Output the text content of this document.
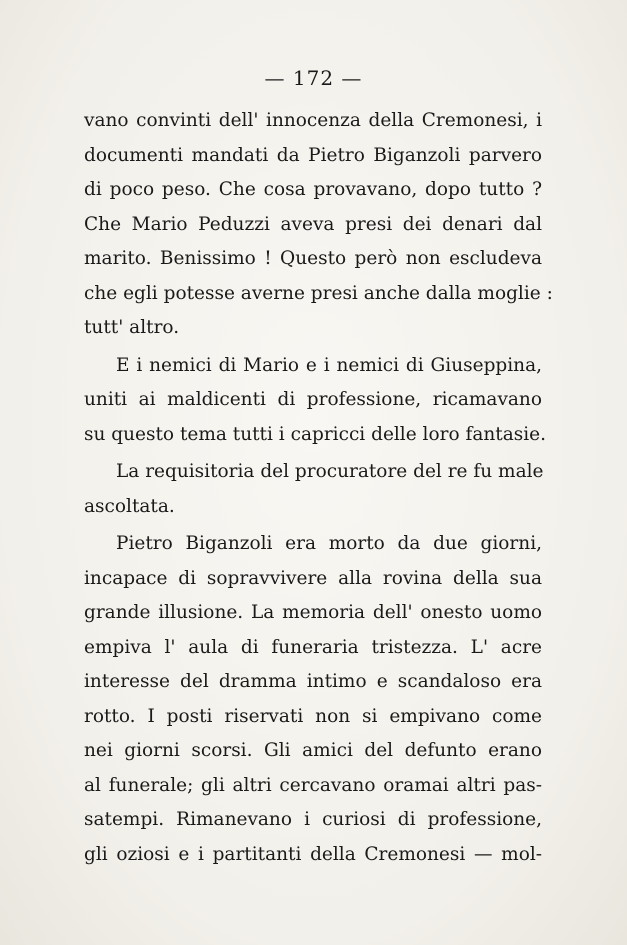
— 172 —
vano convinti dell' innocenza della Cremonesi, i
documenti mandati da Pietro Biganzoli parvero
di poco peso. Che cosa provavano, dopo tutto ?
Che Mario Peduzzi aveva presi dei denari dal
marito. Benissimo ! Questo però non escludeva
che egli potesse averne presi anche dalla moglie :
tutt' altro.
E i nemici di Mario e i nemici di Giuseppina,
uniti ai maldicenti di professione, ricamavano
su questo tema tutti i capricci delle loro fantasie.
La requisitoria del procuratore del re fu male
ascoltata.
Pietro Biganzoli era morto da due giorni,
incapace di sopravvivere alla rovina della sua
grande illusione. La memoria dell' onesto uomo
empiva l' aula di funeraria tristezza. L' acre
interesse del dramma intimo e scandaloso era
rotto. I posti riservati non si empivano come
nei giorni scorsi. Gli amici del defunto erano
al funerale; gli altri cercavano oramai altri pas-
satempi. Rimanevano i curiosi di professione,
gli oziosi e i partitanti della Cremonesi — mol-
